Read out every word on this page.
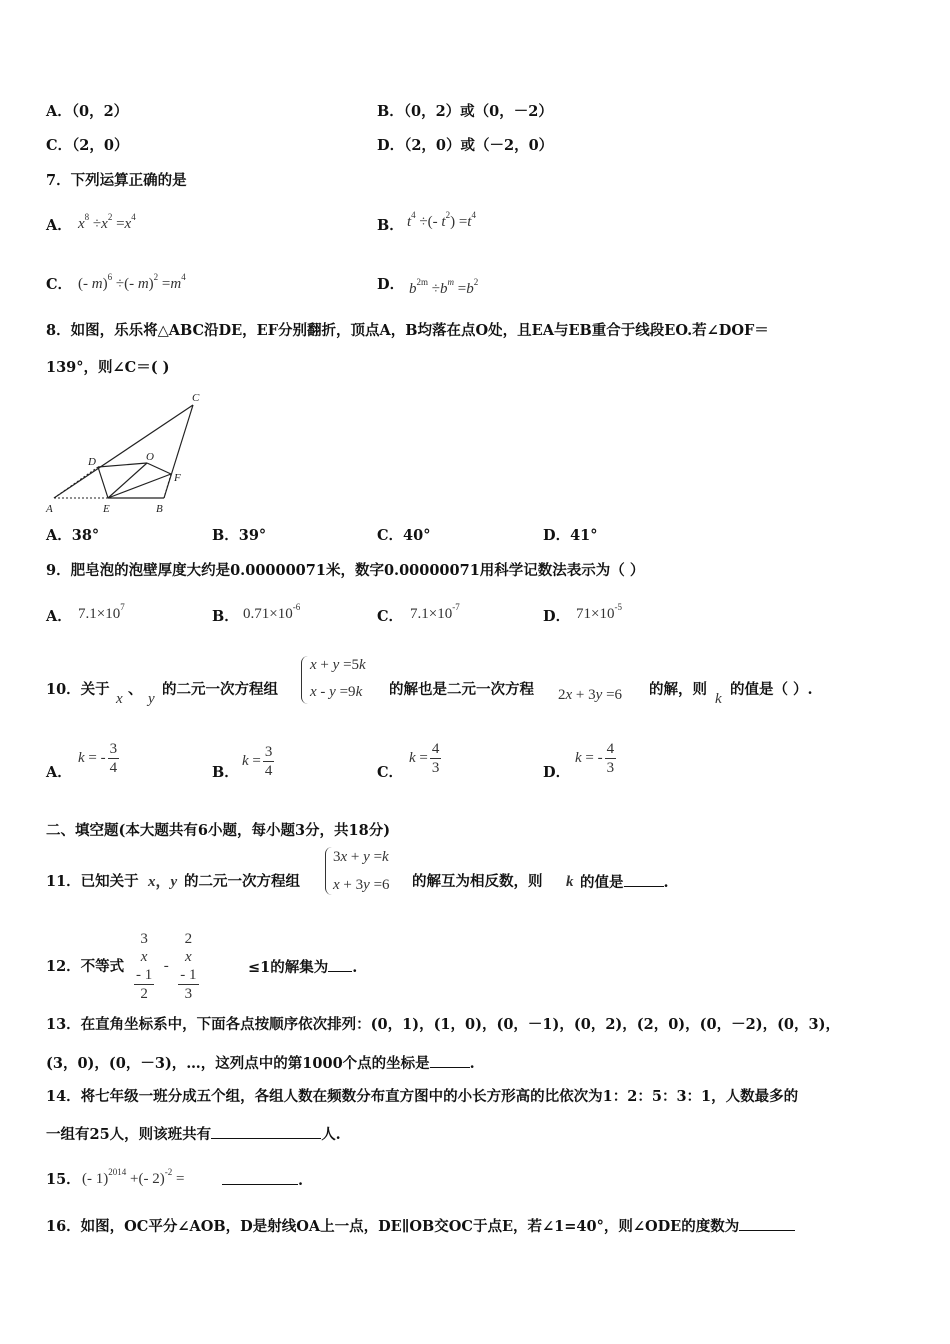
A．（0，2）	B．（0，2）或（0，－2）
C．（2，0）	D．（2，0）或（－2，0）
7．下列运算正确的是
A． $x^8 \div x^2 =x^4$	B． $t^4$ ÷(- $t^2) =t^4$
C． (- m)$^6$ ÷(- $m)^2 =m^4$	D． $b^{2m} \div b^m =b^2$
8．如图，乐乐将△ABC沿DE，EF分别翻折，顶点A，B均落在点O处，且EA与EB重合于线段EO.若∠DOF＝
139°，则∠C＝( )
C
D	O
F
A	E	B
A．38°	B．39°	C．40°	D．41°
9．肥皂泡的泡壁厚度大约是0.00000071米，数字0.00000071用科学记数法表示为（ ）
A． $7.1\times 10^7$
B． $0.71\times 10^{-6}$
C． $7.1\times 10^{-7}$
D． $71\times 10^{-5}$
10．关于
x
、
y
的二元一次方程组
x + y =5k
x - y =9k 的解也是二元一次方程 2x + 3y =6 的解，则
k
的值是（ ）.
A．
k = - $\frac{3}{4}$	B．
$k = \frac{3}{4}$	C．
$k = \frac{4}{3}$	D．
k = - $\frac{4}{3}$
二、填空题(本大题共有6小题，每小题3分，共18分)
11．已知关于 x，y 的二元一次方程组
3x + y =k
x + 3y =6 的解互为相反数，则 k 的值是	.
12．不等式 3
x
- 1
2 - 2
x
- 1
3	≤1的解集为 .
13．在直角坐标系中，下面各点按顺序依次排列：(0，1)，(1，0)，(0，－1)，(0，2)，(2，0)，(0，－2)，(0，3)，
(3，0)，(0，－3)，…，这列点中的第1000个点的坐标是	.
14．将七年级一班分成五个组，各组人数在频数分布直方图中的小长方形高的比依次为1：2：5：3：1，人数最多的
一组有25人，则该班共有	人.
15． (- 1)$^{2014}$ +(- 2)$^{-2}$ =	.
16．如图，OC平分∠AOB，D是射线OA上一点，DE∥OB交OC于点E，若∠1=40°，则∠ODE的度数为
